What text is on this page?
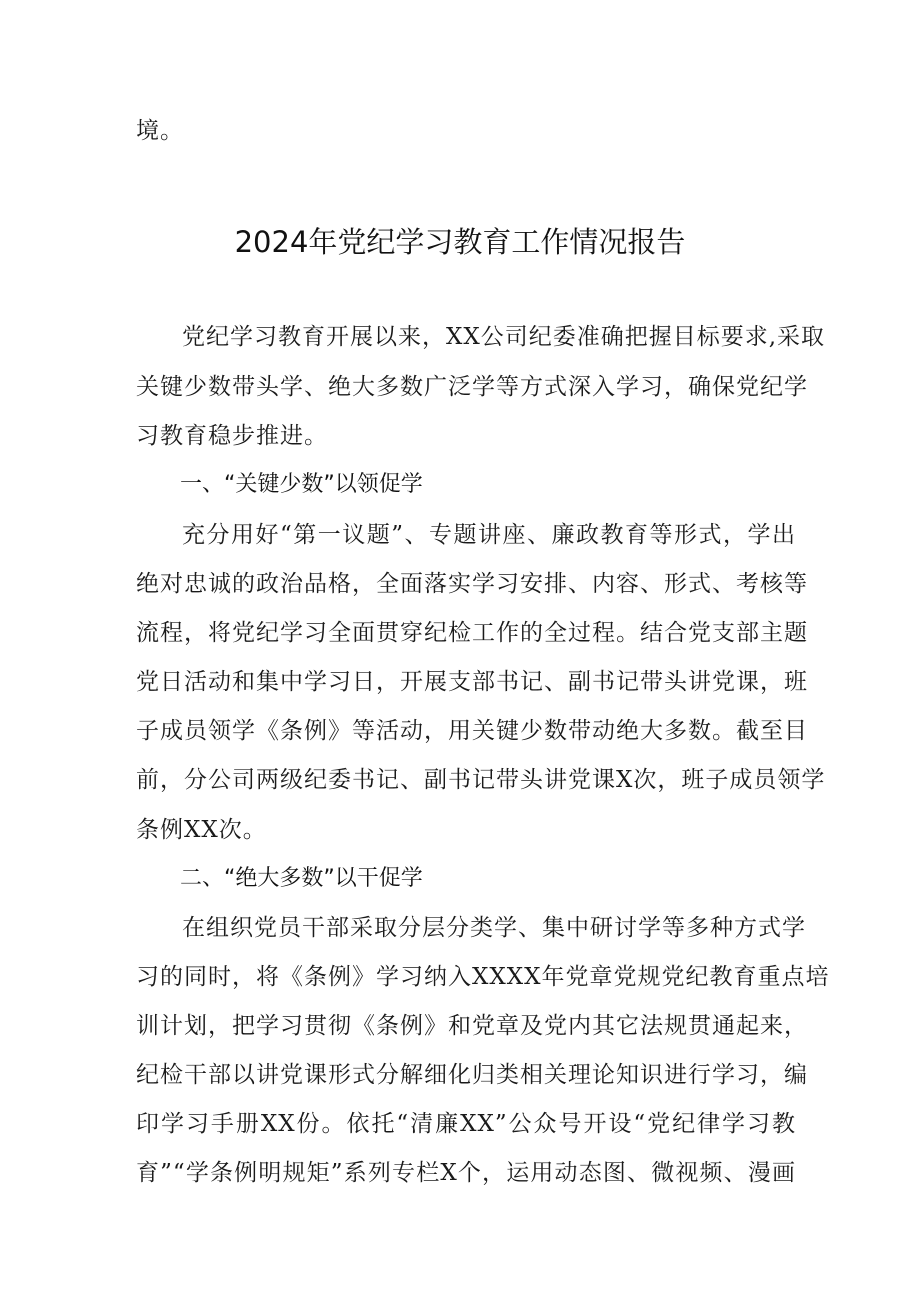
境。
2024年党纪学习教育工作情况报告
党纪学习教育开展以来，XX公司纪委准确把握目标要求,采取
关键少数带头学、绝大多数广泛学等方式深入学习，确保党纪学
习教育稳步推进。
一、“关键少数”以领促学
充分用好“第一议题”、专题讲座、廉政教育等形式，学出
绝对忠诚的政治品格，全面落实学习安排、内容、形式、考核等
流程，将党纪学习全面贯穿纪检工作的全过程。结合党支部主题
党日活动和集中学习日，开展支部书记、副书记带头讲党课，班
子成员领学《条例》等活动，用关键少数带动绝大多数。截至目
前，分公司两级纪委书记、副书记带头讲党课X次，班子成员领学
条例XX次。
二、“绝大多数”以干促学
在组织党员干部采取分层分类学、集中研讨学等多种方式学
习的同时，将《条例》学习纳入XXXX年党章党规党纪教育重点培
训计划，把学习贯彻《条例》和党章及党内其它法规贯通起来，
纪检干部以讲党课形式分解细化归类相关理论知识进行学习，编
印学习手册XX份。依托“清廉XX”公众号开设“党纪律学习教
育”“学条例明规矩”系列专栏X个，运用动态图、微视频、漫画
